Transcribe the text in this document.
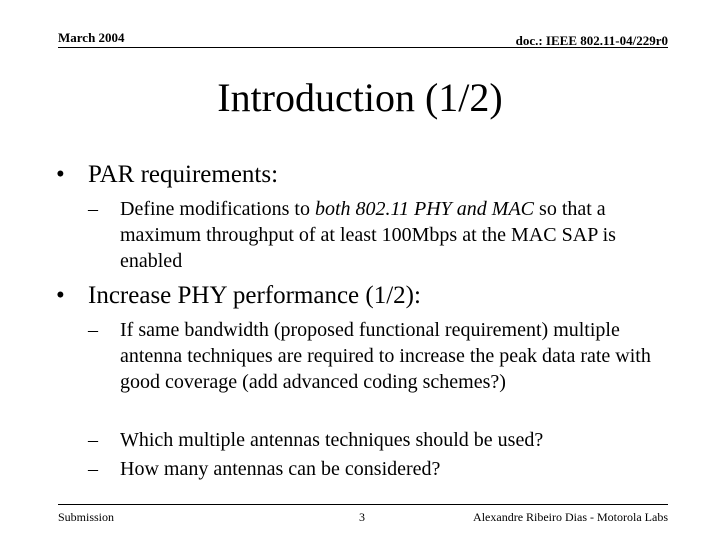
March 2004	doc.: IEEE 802.11-04/229r0
Introduction (1/2)
• PAR requirements:
–	Define modifications to both 802.11 PHY and MAC so that a maximum throughput of at least 100Mbps at the MAC SAP is enabled
• Increase PHY performance (1/2):
–	If same bandwidth (proposed functional requirement) multiple antenna techniques are required to increase the peak data rate with good coverage (add advanced coding schemes?)
–	Which multiple antennas techniques should be used?
–	How many antennas can be considered?
Submission	3	Alexandre Ribeiro Dias - Motorola Labs
